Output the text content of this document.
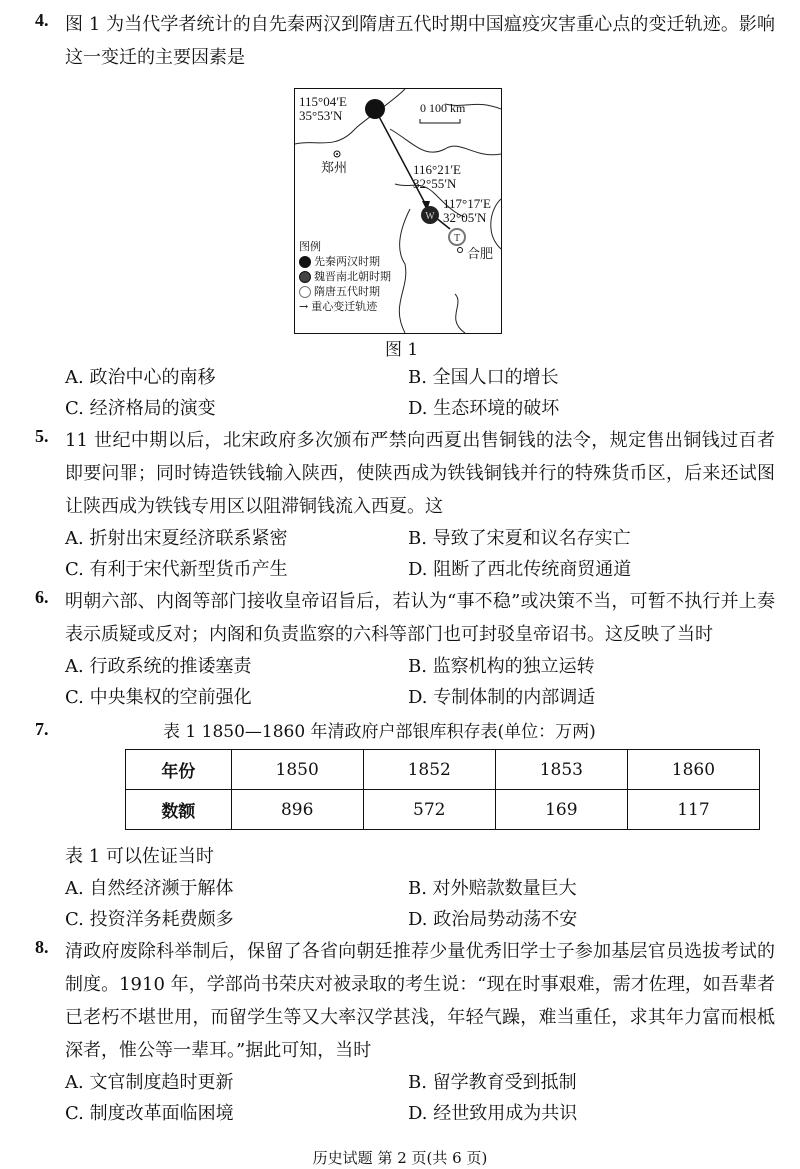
4. 图 1 为当代学者统计的自先秦两汉到隋唐五代时期中国瘟疫灾害重心点的变迁轨迹。影响这一变迁的主要因素是
W
T
115°04′E
35°53′N
116°21′E
32°55′N
117°17′E
32°05′N
0 100 km
郑州
合肥
图例
先秦两汉时期
魏晋南北朝时期
隋唐五代时期
→ 重心变迁轨迹
图 1
A. 政治中心的南移	B. 全国人口的增长
C. 经济格局的演变	D. 生态环境的破坏
5. 11 世纪中期以后，北宋政府多次颁布严禁向西夏出售铜钱的法令，规定售出铜钱过百者即要问罪；同时铸造铁钱输入陕西，使陕西成为铁钱铜钱并行的特殊货币区，后来还试图让陕西成为铁钱专用区以阻滞铜钱流入西夏。这
A. 折射出宋夏经济联系紧密	B. 导致了宋夏和议名存实亡
C. 有利于宋代新型货币产生	D. 阻断了西北传统商贸通道
6. 明朝六部、内阁等部门接收皇帝诏旨后，若认为“事不稳”或决策不当，可暂不执行并上奏表示质疑或反对；内阁和负责监察的六科等部门也可封驳皇帝诏书。这反映了当时
A. 行政系统的推诿塞责	B. 监察机构的独立运转
C. 中央集权的空前强化	D. 专制体制的内部调适
7.	表 1 1850—1860 年清政府户部银库积存表(单位：万两)
年份	1850	1852	1853	1860
数额	896	572	169	117
表 1 可以佐证当时
A. 自然经济濒于解体	B. 对外赔款数量巨大
C. 投资洋务耗费颇多	D. 政治局势动荡不安
8. 清政府废除科举制后，保留了各省向朝廷推荐少量优秀旧学士子参加基层官员选拔考试的制度。1910 年，学部尚书荣庆对被录取的考生说：“现在时事艰难，需才佐理，如吾辈者已老朽不堪世用，而留学生等又大率汉学甚浅，年轻气躁，难当重任，求其年力富而根柢深者，惟公等一辈耳。”据此可知，当时
A. 文官制度趋时更新	B. 留学教育受到抵制
C. 制度改革面临困境	D. 经世致用成为共识
历史试题 第 2 页(共 6 页)
